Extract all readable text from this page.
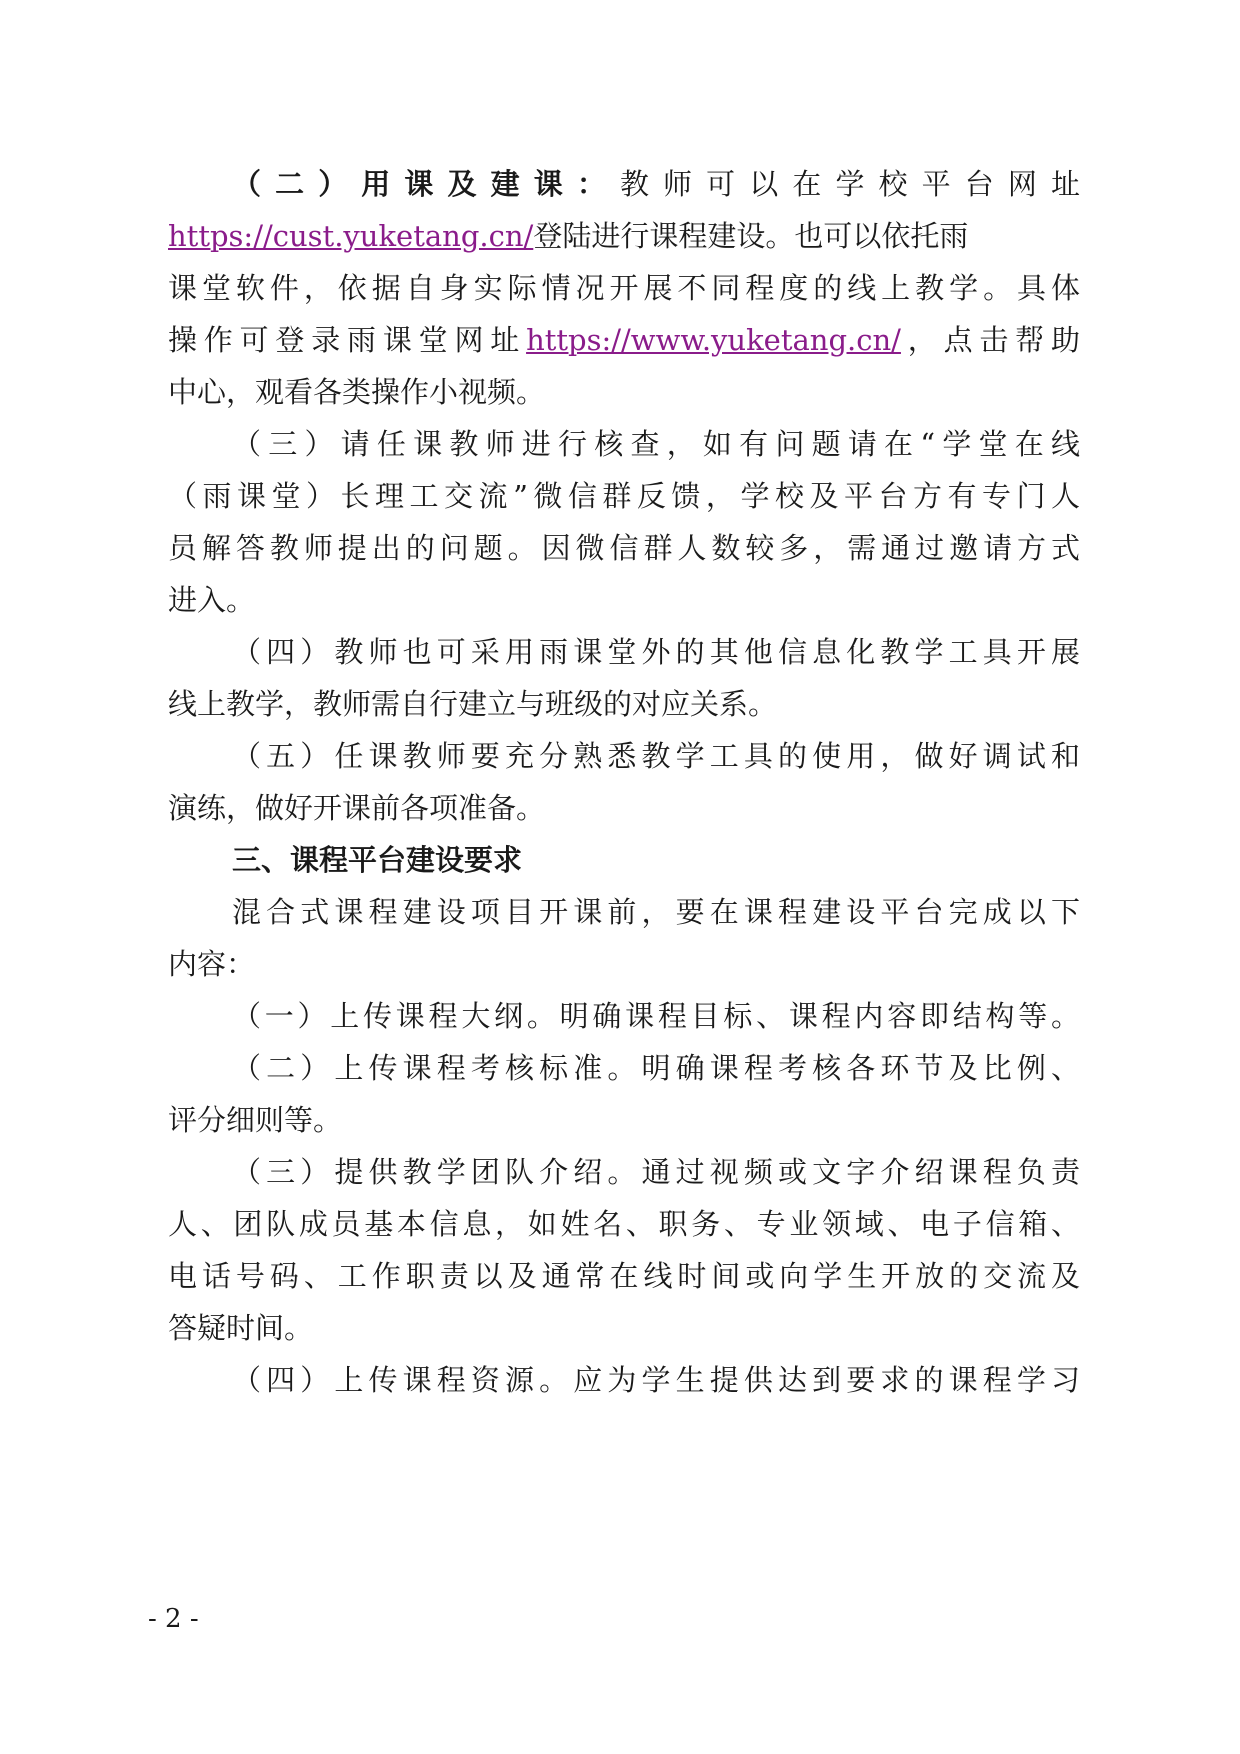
（二）用课及建课：教师可以在学校平台网址
https://cust.yuketang.cn/登陆进行课程建设。也可以依托雨
课堂软件，依据自身实际情况开展不同程度的线上教学。具体
操作可登录雨课堂网址https://www.yuketang.cn/，点击帮助
中心，观看各类操作小视频。
（三）请任课教师进行核查，如有问题请在“学堂在线
（雨课堂）长理工交流”微信群反馈，学校及平台方有专门人
员解答教师提出的问题。因微信群人数较多，需通过邀请方式
进入。
（四）教师也可采用雨课堂外的其他信息化教学工具开展
线上教学，教师需自行建立与班级的对应关系。
（五）任课教师要充分熟悉教学工具的使用，做好调试和
演练，做好开课前各项准备。
三、课程平台建设要求
混合式课程建设项目开课前，要在课程建设平台完成以下
内容：
（一）上传课程大纲。明确课程目标、课程内容即结构等。
（二）上传课程考核标准。明确课程考核各环节及比例、
评分细则等。
（三）提供教学团队介绍。通过视频或文字介绍课程负责
人、团队成员基本信息，如姓名、职务、专业领域、电子信箱、
电话号码、工作职责以及通常在线时间或向学生开放的交流及
答疑时间。
（四）上传课程资源。应为学生提供达到要求的课程学习
- 2 -
